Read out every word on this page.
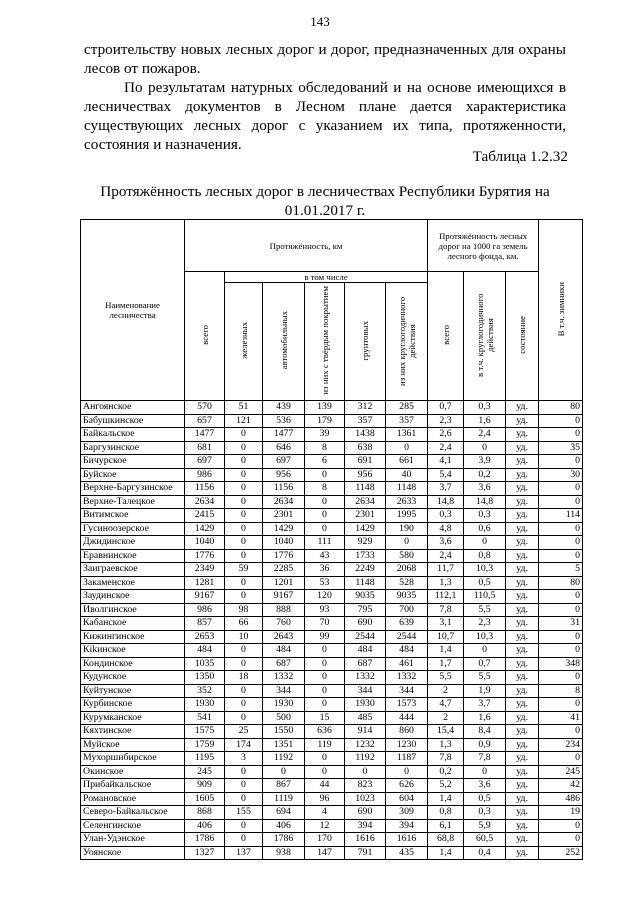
143
строительству новых лесных дорог и дорог, предназначенных для охраны лесов от пожаров.
По результатам натурных обследований и на основе имеющихся в лесничествах документов в Лесном плане дается характеристика существующих лесных дорог с указанием их типа, протяженности, состояния и назначения.
Таблица 1.2.32
Протяжённость лесных дорог в лесничествах Республики Бурятия на 01.01.2017 г.
Наименование лесничества	Протяжённость, км						Протяжённость лесных дорог на 1000 га земель лесного фонда, км.			В т.ч. зимники
	всего	в том числе					всего	в т.ч. круглогодичного действия	состояние	
		железных	автомобильных	из них с твёрдым покрытием	грунтовых	из них круглогодичного действия				
Ангоянское	570	51	439	139	312	285	0,7	0,3	уд.	80
Бабушкинское	657	121	536	179	357	357	2,3	1,6	уд.	0
Байкальское	1477	0	1477	39	1438	1361	2,6	2,4	уд.	0
Баргузинское	681	0	646	8	638	0	2,4	0	уд.	35
Бичурское	697	0	697	6	691	661	4,1	3,9	уд.	0
Буйское	986	0	956	0	956	40	5,4	0,2	уд.	30
Верхне-Баргузинское	1156	0	1156	8	1148	1148	3,7	3,6	уд.	0
Верхне-Талецкое	2634	0	2634	0	2634	2633	14,8	14,8	уд.	0
Витимское	2415	0	2301	0	2301	1995	0,3	0,3	уд.	114
Гусиноозерское	1429	0	1429	0	1429	190	4,8	0,6	уд.	0
Джидинское	1040	0	1040	111	929	0	3,6	0	уд.	0
Еравнинское	1776	0	1776	43	1733	580	2,4	0,8	уд.	0
Заиграевское	2349	59	2285	36	2249	2068	11,7	10,3	уд.	5
Закаменское	1281	0	1201	53	1148	528	1,3	0,5	уд.	80
Заудинское	9167	0	9167	120	9035	9035	112,1	110,5	уд.	0
Иволгинское	986	98	888	93	795	700	7,8	5,5	уд.	0
Кабанское	857	66	760	70	690	639	3,1	2,3	уд.	31
Кижингинское	2653	10	2643	99	2544	2544	10,7	10,3	уд.	0
Кikинское	484	0	484	0	484	484	1,4	0	уд.	0
Кондинское	1035	0	687	0	687	461	1,7	0,7	уд.	348
Кудунское	1350	18	1332	0	1332	1332	5,5	5,5	уд.	0
Куйтунское	352	0	344	0	344	344	2	1,9	уд.	8
Курбинское	1930	0	1930	0	1930	1573	4,7	3,7	уд.	0
Курумканское	541	0	500	15	485	444	2	1,6	уд.	41
Кяхтинское	1575	25	1550	636	914	860	15,4	8,4	уд.	0
Муйское	1759	174	1351	119	1232	1230	1,3	0,9	уд.	234
Мухоршибирское	1195	3	1192	0	1192	1187	7,8	7,8	уд.	0
Окинское	245	0	0	0	0	0	0,2	0	уд.	245
Прибайкальское	909	0	867	44	823	626	5,2	3,6	уд.	42
Романовское	1605	0	1119	96	1023	604	1,4	0,5	уд.	486
Северо-Байкальское	868	155	694	4	690	309	0,8	0,3	уд.	19
Селенгинское	406	0	406	12	394	394	6,1	5,9	уд.	0
Улан-Удэнское	1786	0	1786	170	1616	1616	68,8	60,5	уд.	0
Уоянское	1327	137	938	147	791	435	1,4	0,4	уд.	252
